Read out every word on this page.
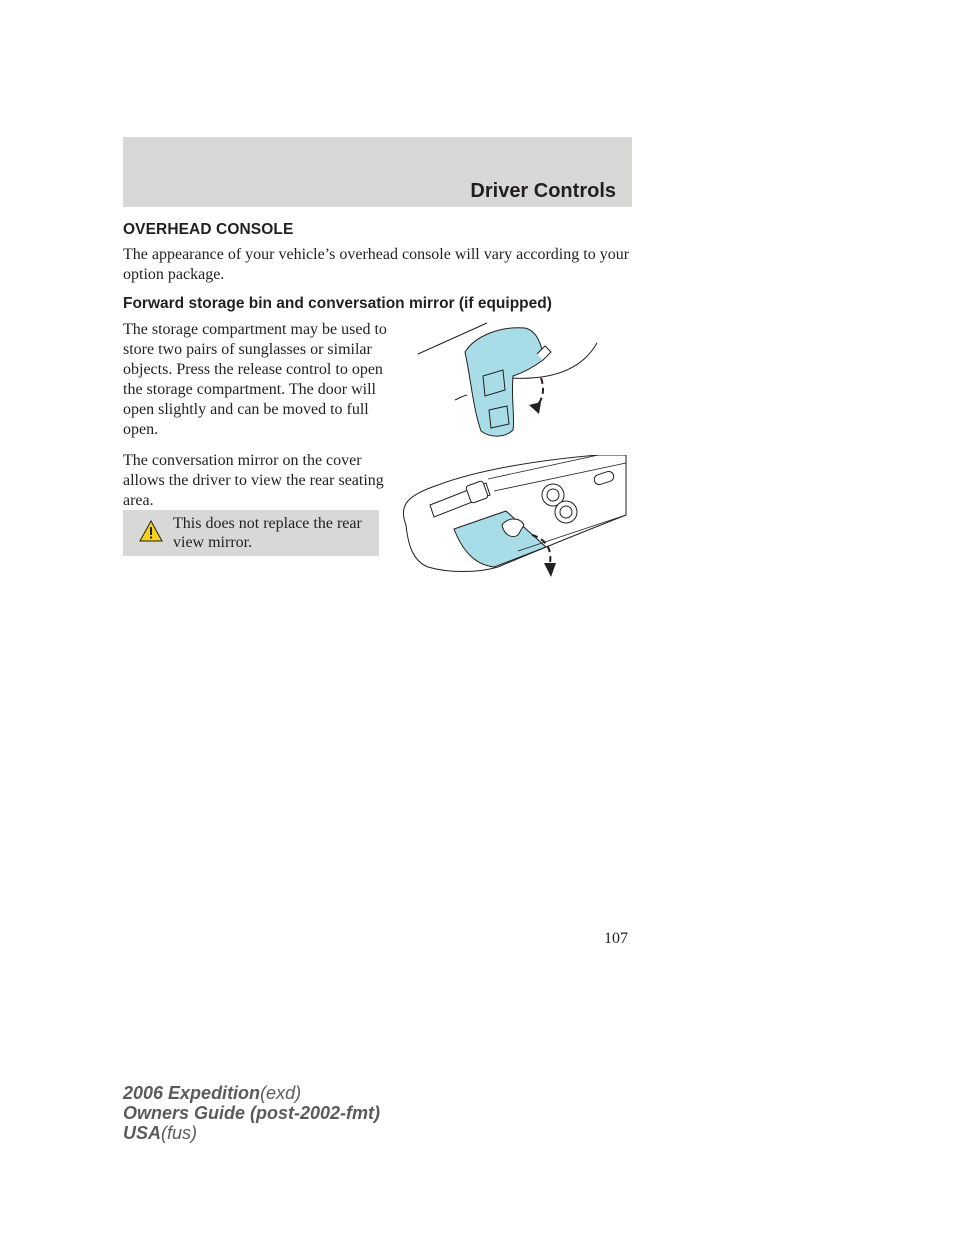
Driver Controls
OVERHEAD CONSOLE

The appearance of your vehicle’s overhead console will vary according to your option package.

Forward storage bin and conversation mirror (if equipped)

The storage compartment may be used to store two pairs of sunglasses or similar objects. Press the release control to open the storage compartment. The door will open slightly and can be moved to full open.

The conversation mirror on the cover allows the driver to view the rear seating area.

This does not replace the rear view mirror.

107
2006 Expedition(exd)
Owners Guide (post-2002-fmt)
USA(fus)
